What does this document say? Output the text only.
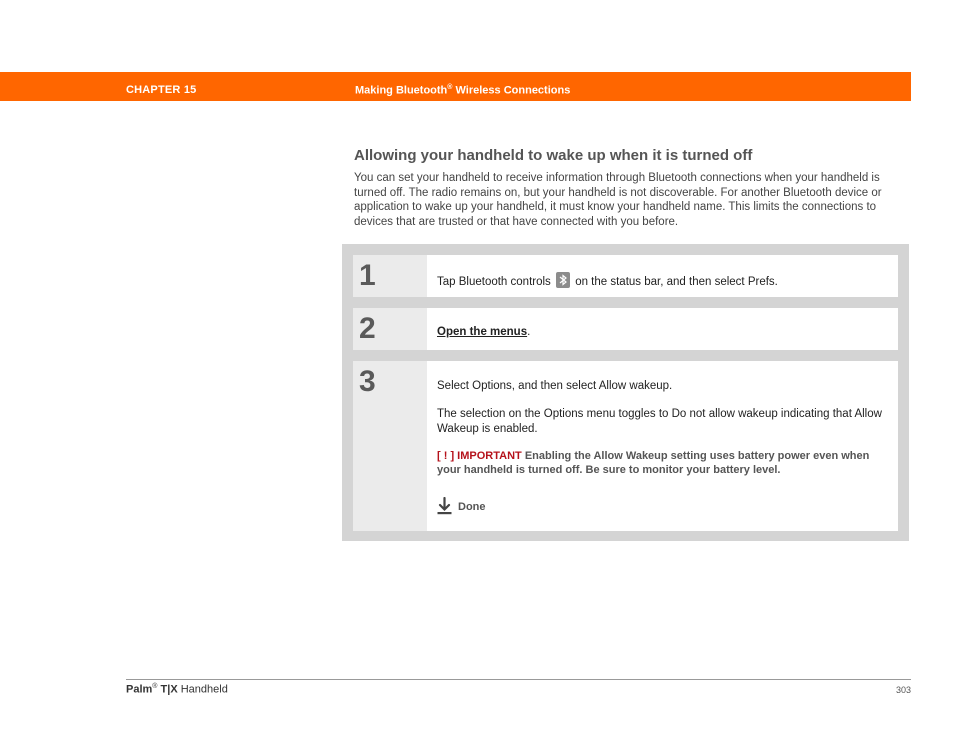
CHAPTER 15	Making Bluetooth® Wireless Connections
Allowing your handheld to wake up when it is turned off

You can set your handheld to receive information through Bluetooth connections when your handheld is turned off. The radio remains on, but your handheld is not discoverable. For another Bluetooth device or application to wake up your handheld, it must know your handheld name. This limits the connections to devices that are trusted or that have connected with you before.

1	Tap Bluetooth controls
on the status bar, and then select Prefs.
2	Open the menus.
3	Select Options, and then select Allow wakeup.

The selection on the Options menu toggles to Do not allow wakeup indicating that Allow Wakeup is enabled.

[ ! ] IMPORTANT Enabling the Allow Wakeup setting uses battery power even when your handheld is turned off. Be sure to monitor your battery level.

Done
Palm® T|X Handheld	303
